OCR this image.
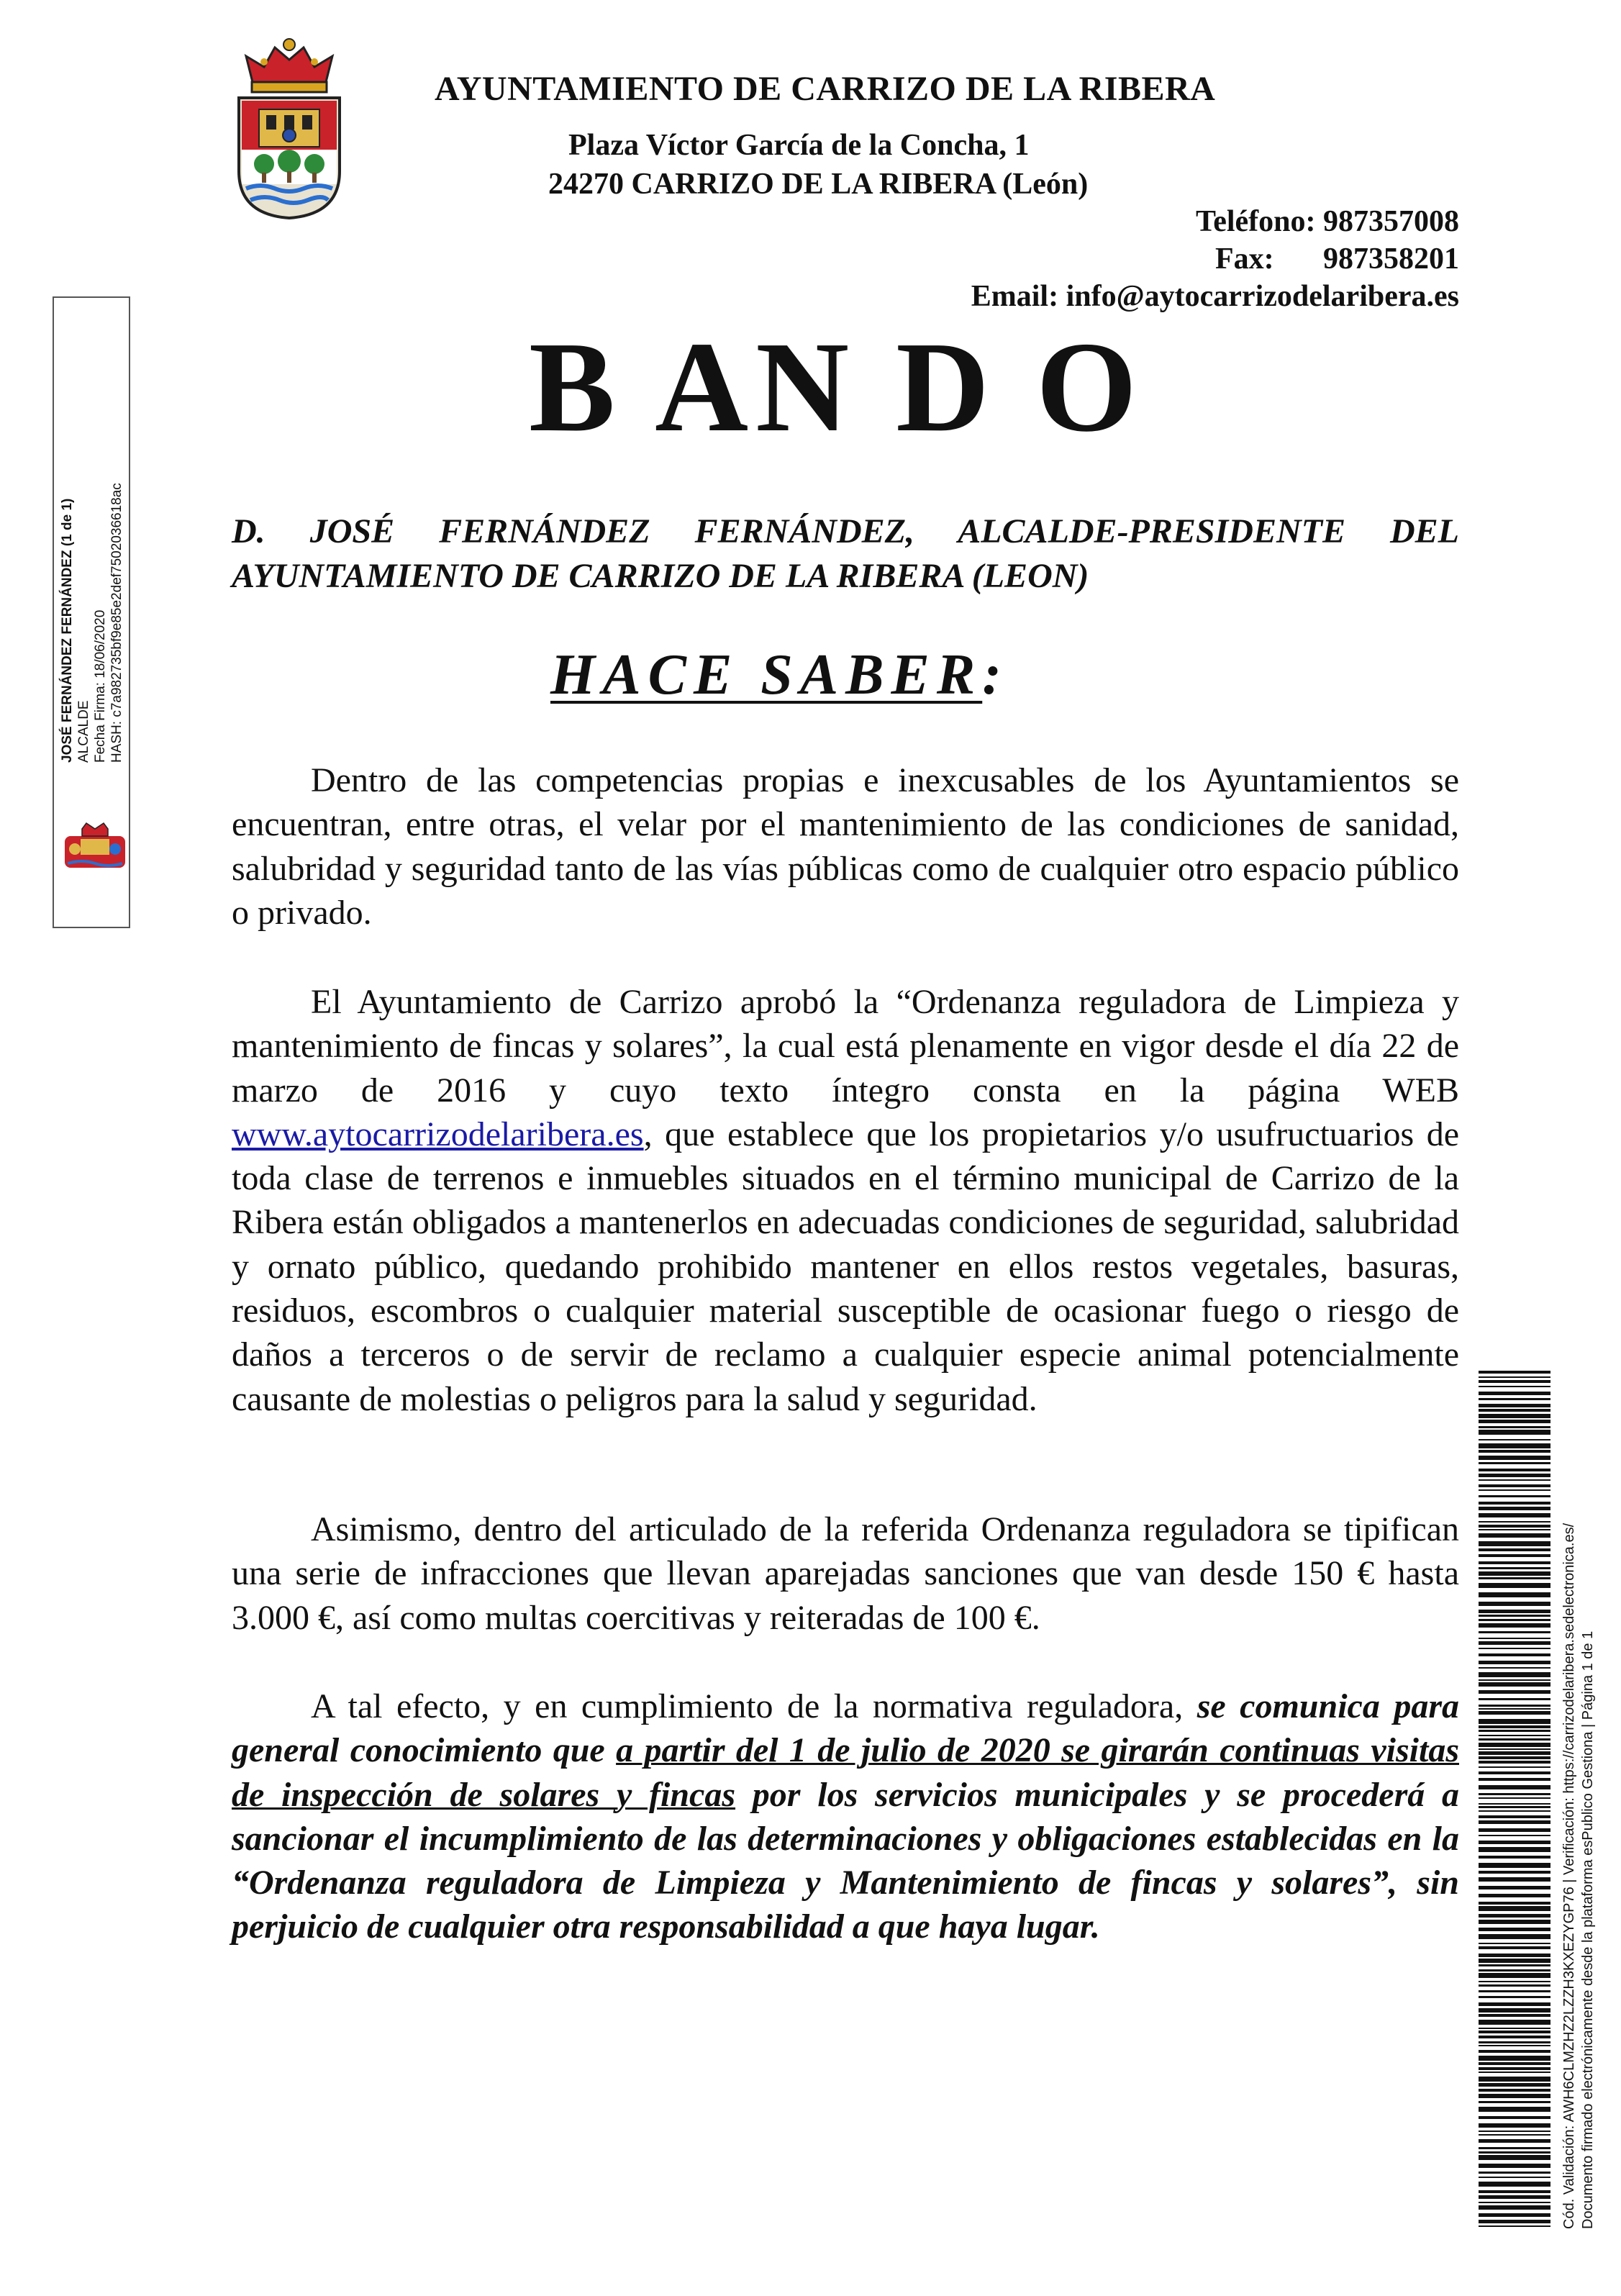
AYUNTAMIENTO DE CARRIZO DE LA RIBERA
Plaza Víctor García de la Concha, 1
24270 CARRIZO DE LA RIBERA (León)
Teléfono: 987357008
Fax: 987358201
Email: info@aytocarrizodelaribera.es
B AN D O
D. JOSÉ FERNÁNDEZ FERNÁNDEZ, ALCALDE-PRESIDENTE DEL AYUNTAMIENTO DE CARRIZO DE LA RIBERA (LEON)
HACE SABER:

Dentro de las competencias propias e inexcusables de los Ayuntamientos se encuentran, entre otras, el velar por el mantenimiento de las condiciones de sanidad, salubridad y seguridad tanto de las vías públicas como de cualquier otro espacio público o privado.

El Ayuntamiento de Carrizo aprobó la “Ordenanza reguladora de Limpieza y mantenimiento de fincas y solares”, la cual está plenamente en vigor desde el día 22 de marzo de 2016 y cuyo texto íntegro consta en la página WEB www.aytocarrizodelaribera.es, que establece que los propietarios y/o usufructuarios de toda clase de terrenos e inmuebles situados en el término municipal de Carrizo de la Ribera están obligados a mantenerlos en adecuadas condiciones de seguridad, salubridad y ornato público, quedando prohibido mantener en ellos restos vegetales, basuras, residuos, escombros o cualquier material susceptible de ocasionar fuego o riesgo de daños a terceros o de servir de reclamo a cualquier especie animal potencialmente causante de molestias o peligros para la salud y seguridad.

Asimismo, dentro del articulado de la referida Ordenanza reguladora se tipifican una serie de infracciones que llevan aparejadas sanciones que van desde 150 € hasta 3.000 €, así como multas coercitivas y reiteradas de 100 €.

A tal efecto, y en cumplimiento de la normativa reguladora, se comunica para general conocimiento que a partir del 1 de julio de 2020 se girarán continuas visitas de inspección de solares y fincas por los servicios municipales y se procederá a sancionar el incumplimiento de las determinaciones y obligaciones establecidas en la “Ordenanza reguladora de Limpieza y Mantenimiento de fincas y solares”, sin perjuicio de cualquier otra responsabilidad a que haya lugar.

JOSÉ FERNÁNDEZ FERNÁNDEZ (1 de 1) ALCALDE Fecha Firma: 18/06/2020 HASH: c7a982735bf9e85e2def75020366​18ac
Cód. Validación: AWH6CLMZHZ2LZZH3KXEZYGP76 | Verificación: https://carrizodelaribera.sedelectronica.es/ Documento firmado electrónicamente desde la plataforma esPublico Gestiona | Página 1 de 1
